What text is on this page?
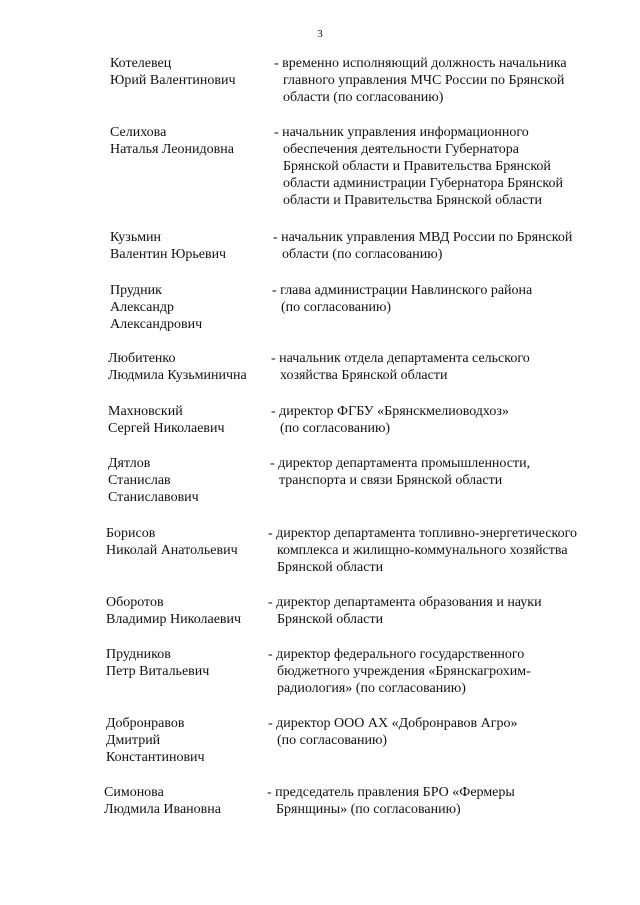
3
Котелевец
Юрий Валентинович
- временно исполняющий должность начальника
главного управления МЧС России по Брянской
области (по согласованию)
Селихова
Наталья Леонидовна
- начальник управления информационного
обеспечения деятельности Губернатора
Брянской области и Правительства Брянской
области администрации Губернатора Брянской
области и Правительства Брянской области
Кузьмин
Валентин Юрьевич
- начальник управления МВД России по Брянской
области (по согласованию)
Прудник
Александр
Александрович
- глава администрации Навлинского района
(по согласованию)
Любитенко
Людмила Кузьминична
- начальник отдела департамента сельского
хозяйства Брянской области
Махновский
Сергей Николаевич
- директор ФГБУ «Брянскмелиоводхоз»
(по согласованию)
Дятлов
Станислав
Станиславович
- директор департамента промышленности,
транспорта и связи Брянской области
Борисов
Николай Анатольевич
- директор департамента топливно-энергетического
комплекса и жилищно-коммунального хозяйства
Брянской области
Оборотов
Владимир Николаевич
- директор департамента образования и науки
Брянской области
Прудников
Петр Витальевич
- директор федерального государственного
бюджетного учреждения «Брянскагрохим-
радиология» (по согласованию)
Добронравов
Дмитрий
Константинович
- директор ООО АХ «Добронравов Агро»
(по согласованию)
Симонова
Людмила Ивановна
- председатель правления БРО «Фермеры
Брянщины» (по согласованию)
